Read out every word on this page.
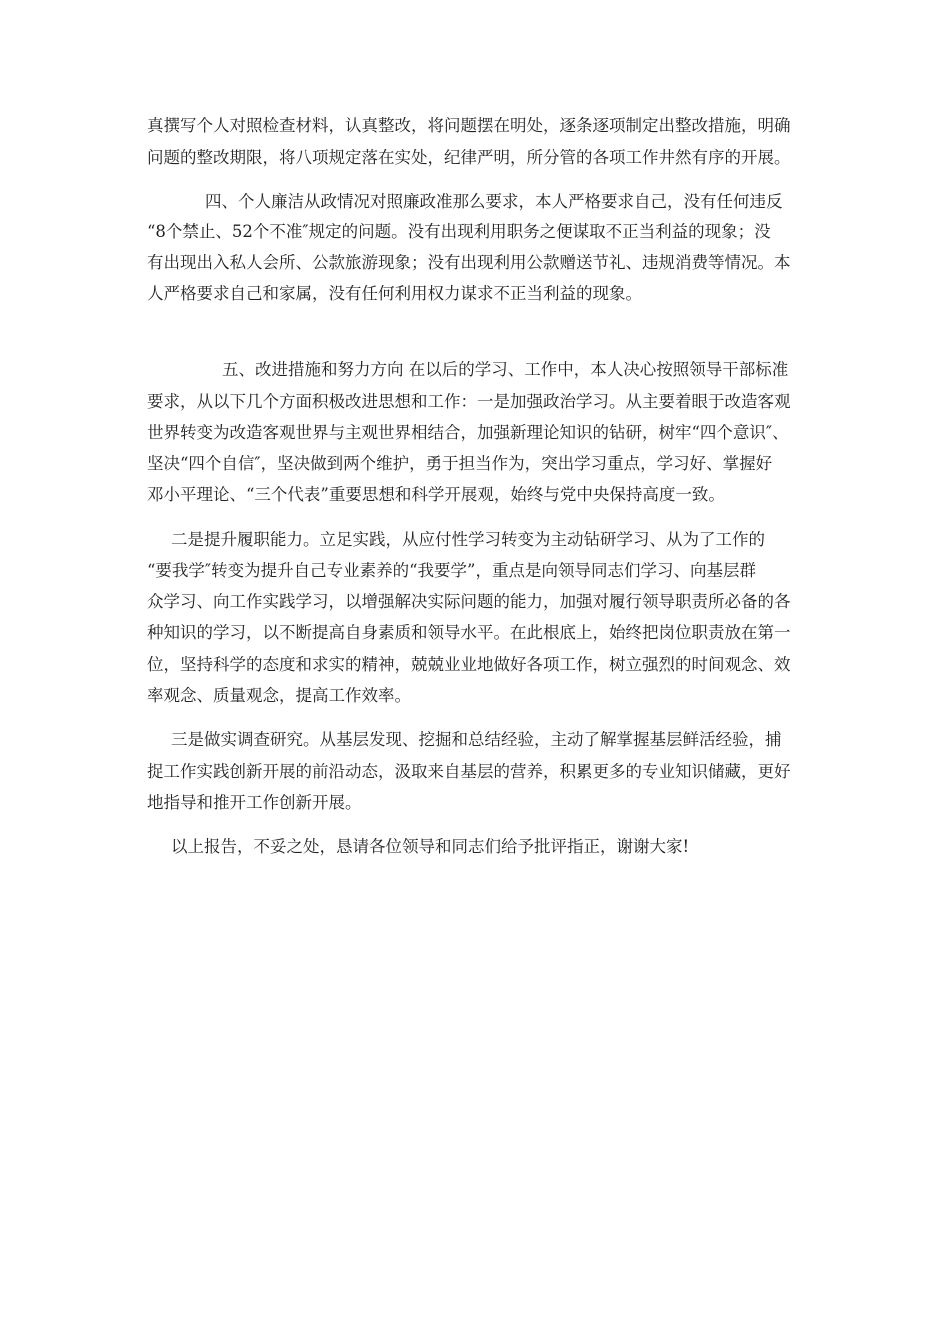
真撰写个人对照检查材料，认真整改，将问题摆在明处，逐条逐项制定出整改措施，明确

问题的整改期限，将八项规定落在实处，纪律严明，所分管的各项工作井然有序的开展。

四、个人廉洁从政情况对照廉政准那么要求，本人严格要求自己，没有任何违反

“8个禁止、52个不准″规定的问题。没有出现利用职务之便谋取不正当利益的现象；没

有出现出入私人会所、公款旅游现象；没有出现利用公款赠送节礼、违规消费等情况。本

人严格要求自己和家属，没有任何利用权力谋求不正当利益的现象。

五、改进措施和努力方向 在以后的学习、工作中，本人决心按照领导干部标准

要求，从以下几个方面积极改进思想和工作：一是加强政治学习。从主要着眼于改造客观

世界转变为改造客观世界与主观世界相结合，加强新理论知识的钻研，树牢“四个意识″、

坚决“四个自信″，坚决做到两个维护，勇于担当作为，突出学习重点，学习好、掌握好

邓小平理论、“三个代表”重要思想和科学开展观，始终与党中央保持高度一致。

二是提升履职能力。立足实践，从应付性学习转变为主动钻研学习、从为了工作的

“要我学″转变为提升自己专业素养的“我要学”，重点是向领导同志们学习、向基层群

众学习、向工作实践学习，以增强解决实际问题的能力，加强对履行领导职责所必备的各

种知识的学习，以不断提高自身素质和领导水平。在此根底上，始终把岗位职责放在第一

位，坚持科学的态度和求实的精神，兢兢业业地做好各项工作，树立强烈的时间观念、效

率观念、质量观念，提高工作效率。

三是做实调查研究。从基层发现、挖掘和总结经验，主动了解掌握基层鲜活经验，捕

捉工作实践创新开展的前沿动态，汲取来自基层的营养，积累更多的专业知识储藏，更好

地指导和推开工作创新开展。

以上报告，不妥之处，恳请各位领导和同志们给予批评指正，谢谢大家!
